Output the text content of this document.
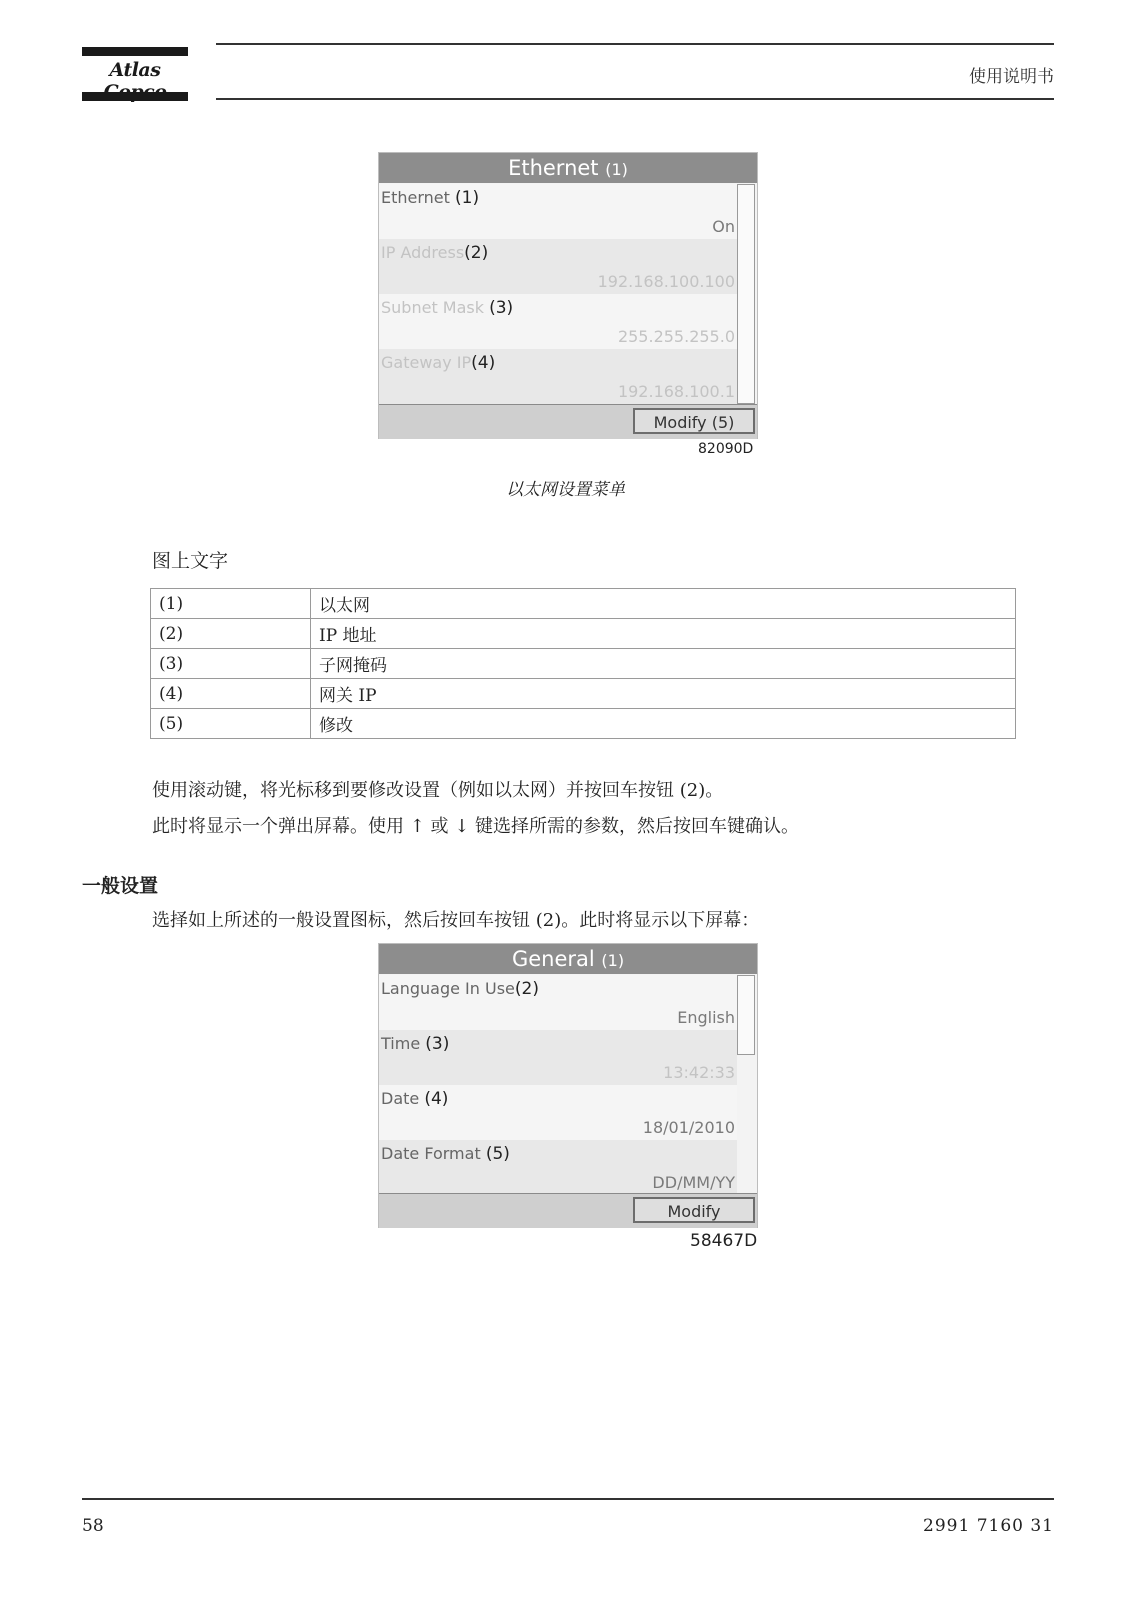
Atlas	使用说明书
Ethernet (1)
Ethernet (1)
On
IP Address(2)
192.168.100.100
Subnet Mask (3)
255.255.255.0
Gateway IP(4)
192.168.100.1
Modify (5)
82090D
以太网设置菜单
图上文字
(1)	以太网
(2)	IP 地址
(3)	子网掩码
(4)	网关 IP
(5)	修改
使用滚动键，将光标移到要修改设置（例如以太网）并按回车按钮 (2)。
此时将显示一个弹出屏幕。使用 ↑ 或 ↓ 键选择所需的参数，然后按回车键确认。
一般设置
选择如上所述的一般设置图标，然后按回车按钮 (2)。此时将显示以下屏幕：
General (1)
Language In Use(2)
English
Time (3)
13:42:33
Date (4)
18/01/2010
Date Format (5)
DD/MM/YY
Modify
58467D
58	2991 7160 31
